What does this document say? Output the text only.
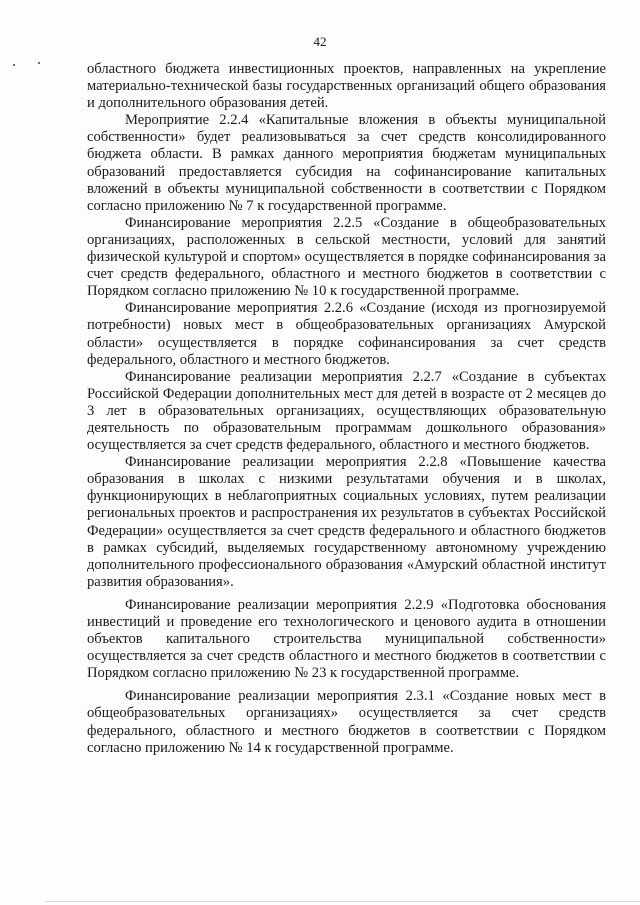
42

областного бюджета инвестиционных проектов, направленных на укрепление материально-технической базы государственных организаций общего образования и дополнительного образования детей.

Мероприятие 2.2.4 «Капитальные вложения в объекты муниципальной собственности» будет реализовываться за счет средств консолидированного бюджета области. В рамках данного мероприятия бюджетам муниципальных образований предоставляется субсидия на софинансирование капитальных вложений в объекты муниципальной собственности в соответствии с Порядком согласно приложению № 7 к государственной программе.

Финансирование мероприятия 2.2.5 «Создание в общеобразовательных организациях, расположенных в сельской местности, условий для занятий физической культурой и спортом» осуществляется в порядке софинансирования за счет средств федерального, областного и местного бюджетов в соответствии с Порядком согласно приложению № 10 к государственной программе.

Финансирование мероприятия 2.2.6 «Создание (исходя из прогнозируемой потребности) новых мест в общеобразовательных организациях Амурской области» осуществляется в порядке софинансирования за счет средств федерального, областного и местного бюджетов.

Финансирование реализации мероприятия 2.2.7 «Создание в субъектах Российской Федерации дополнительных мест для детей в возрасте от 2 месяцев до 3 лет в образовательных организациях, осуществляющих образовательную деятельность по образовательным программам дошкольного образования» осуществляется за счет средств федерального, областного и местного бюджетов.

Финансирование реализации мероприятия 2.2.8 «Повышение качества образования в школах с низкими результатами обучения и в школах, функционирующих в неблагоприятных социальных условиях, путем реализации региональных проектов и распространения их результатов в субъектах Российской Федерации» осуществляется за счет средств федерального и областного бюджетов в рамках субсидий, выделяемых государственному автономному учреждению дополнительного профессионального образования «Амурский областной институт развития образования».

Финансирование реализации мероприятия 2.2.9 «Подготовка обоснования инвестиций и проведение его технологического и ценового аудита в отношении объектов капитального строительства муниципальной собственности» осуществляется за счет средств областного и местного бюджетов в соответствии с Порядком согласно приложению № 23 к государственной программе.

Финансирование реализации мероприятия 2.3.1 «Создание новых мест в общеобразовательных организациях» осуществляется за счет средств федерального, областного и местного бюджетов в соответствии с Порядком согласно приложению № 14 к государственной программе.
